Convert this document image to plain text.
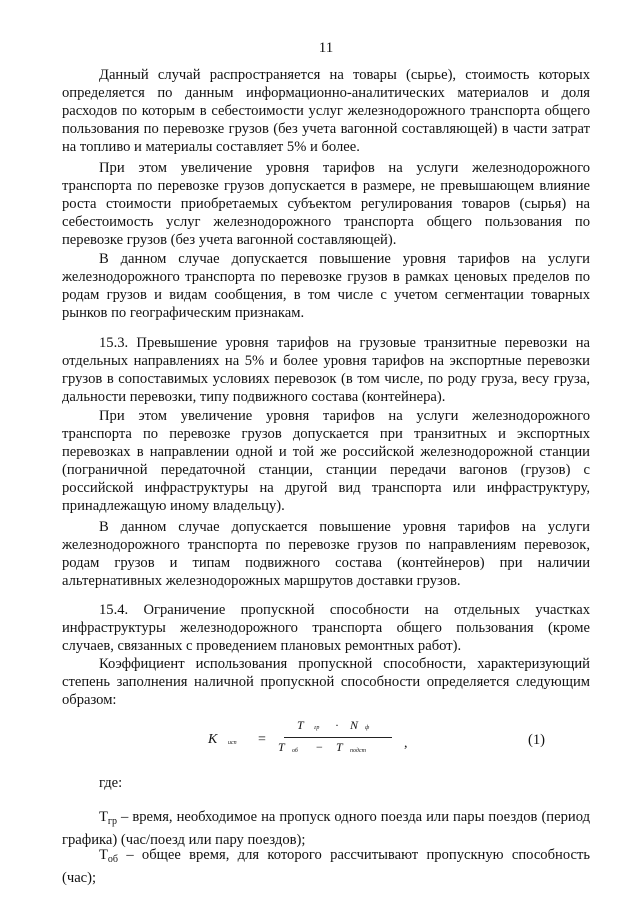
11

Данный случай распространяется на товары (сырье), стоимость которых определяется по данным информационно-аналитических материалов и доля расходов по которым в себестоимости услуг железнодорожного транспорта общего пользования по перевозке грузов (без учета вагонной составляющей) в части затрат на топливо и материалы составляет 5% и более.

При этом увеличение уровня тарифов на услуги железнодорожного транспорта по перевозке грузов допускается в размере, не превышающем влияние роста стоимости приобретаемых субъектом регулирования товаров (сырья) на себестоимость услуг железнодорожного транспорта общего пользования по перевозке грузов (без учета вагонной составляющей).

В данном случае допускается повышение уровня тарифов на услуги железнодорожного транспорта по перевозке грузов в рамках ценовых пределов по родам грузов и видам сообщения, в том числе с учетом сегментации товарных рынков по географическим признакам.

15.3. Превышение уровня тарифов на грузовые транзитные перевозки на отдельных направлениях на 5% и более уровня тарифов на экспортные перевозки грузов в сопоставимых условиях перевозок (в том числе, по роду груза, весу груза, дальности перевозки, типу подвижного состава (контейнера).

При этом увеличение уровня тарифов на услуги железнодорожного транспорта по перевозке грузов допускается при транзитных и экспортных перевозках в направлении одной и той же российской железнодорожной станции (пограничной передаточной станции, станции передачи вагонов (грузов) с российской инфраструктуры на другой вид транспорта или инфраструктуру, принадлежащую иному владельцу).

В данном случае допускается повышение уровня тарифов на услуги железнодорожного транспорта по перевозке грузов по направлениям перевозок, родам грузов и типам подвижного состава (контейнеров) при наличии альтернативных железнодорожных маршрутов доставки грузов.

15.4. Ограничение пропускной способности на отдельных участках инфраструктуры железнодорожного транспорта общего пользования (кроме случаев, связанных с проведением плановых ремонтных работ).

Коэффициент использования пропускной способности, характеризующий степень заполнения наличной пропускной способности определяется следующим образом:

К исп =
Т гр · N ф
Т об − Т подст	,	(1)

где:

$Т_{гр}$ – время, необходимое на пропуск одного поезда или пары поездов (период графика) (час/поезд или пару поездов);

$Т_{об}$ – общее время, для которого рассчитывают пропускную способность (час);
